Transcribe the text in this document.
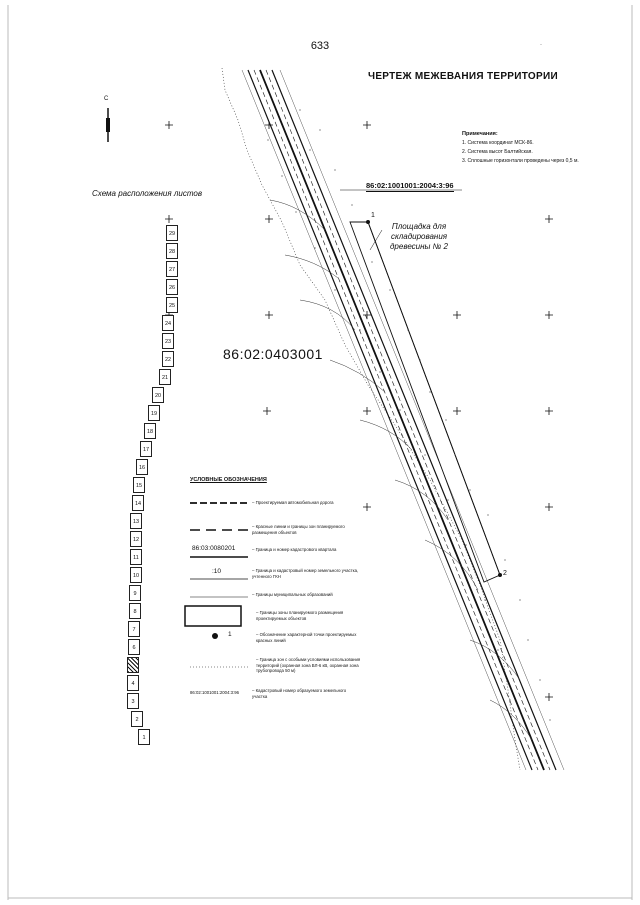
633	·
ЧЕРТЕЖ МЕЖЕВАНИЯ ТЕРРИТОРИИ
С
Примечания:
1. Система координат МСК-86.
2. Система высот Балтийская.
3. Сплошные горизонтали проведены через 0,5 м.
Схема расположения листов
29
28
27
26
25
24
23
22
21
20
19
18
17
16
15
14
13
12
11
10
9
8
7
6
4
3
2
1
86:02:0403001
86:02:1001001:2004:3:96
Площадка для складирования древесины № 2
1
2
УСЛОВНЫЕ ОБОЗНАЧЕНИЯ
– Проектируемая автомобильная дорога
– Красные линии и границы зон планируемого размещения объектов
86:03:0080201	– Граница и номер кадастрового квартала
:10	– Граница и кадастровый номер земельного участка, учтенного ГКН
– Границы муниципальных образований
– Границы зоны планируемого размещения проектируемых объектов
1	– Обозначение характерной точки проектируемых красных линий
– Граница зон с особыми условиями использования территорий (охранная зона ВЛ-6 кВ, охранная зона трубопровода 50 м)
86:02:1001001:2004:3:96	– Кадастровый номер образуемого земельного участка
